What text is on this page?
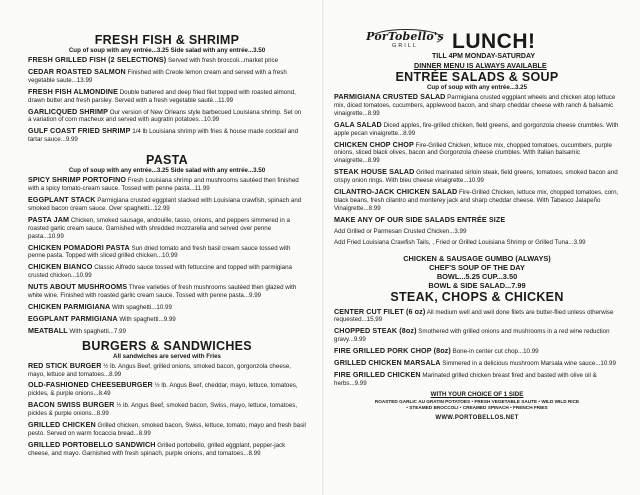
FRESH FISH & SHRIMP

Cup of soup with any entrée...3.25 Side salad with any entrée...3.50

FRESH GRILLED FISH (2 SELECTIONS) Served with fresh broccoli...market price

CEDAR ROASTED SALMON Finished with Creole lemon cream and served with a fresh vegetable saute...13.99

FRESH FISH ALMONDINE Double battered and deep fried filet topped with roasted almond, drawn butter and fresh parsley. Served with a fresh vegetable sauté...11.99

GARLICQUED SHRIMP Our version of New Orleans style barbecued Louisiana shrimp. Set on a variation of corn macheux and served with augratin potatoes...10.99

GULF COAST FRIED SHRIMP 1/4 lb Louisiana shrimp with fries & house made cocktail and tartar sauce...9.99

PASTA

Cup of soup with any entrée...3.25 Side salad with any entrée...3.50

SPICY SHRIMP PORTOFINO Fresh Louisiana shrimp and mushrooms sautéed then finished with a spicy tomato-cream sauce. Tossed with penne pasta...11.99

EGGPLANT STACK Parmigiana crusted eggplant stacked with Louisiana crawfish, spinach and smoked bacon cream sauce. Over spaghetti...12.99

PASTA JAM Chicken, smoked sausage, andouille, tasso, onions, and peppers simmered in a roasted garlic cream sauce. Garnished with shredded mozzarella and served over penne pasta...10.99

CHICKEN POMADORI PASTA Sun dried tomato and fresh basil cream sauce tossed with penne pasta. Topped with sliced grilled chicken...10.99

CHICKEN BIANCO Classic Alfredo sauce tossed with fettuccine and topped with parmigiana crusted chicken...10.99

NUTS ABOUT MUSHROOMS Three varieties of fresh mushrooms sautéed then glazed with white wine. Finished with roasted garlic cream sauce. Tossed with penne pasta...9.99

CHICKEN PARMIGIANA With spaghetti...10.99

EGGPLANT PARMIGIANA With spaghetti...9.99

MEATBALL With spaghetti...7.99

BURGERS & SANDWICHES

All sandwiches are served with Fries

RED STICK BURGER ½ lb. Angus Beef, grilled onions, smoked bacon, gorgonzola cheese, mayo, lettuce and tomatoes...8.99

OLD-FASHIONED CHEESEBURGER ½ lb. Angus Beef, cheddar, mayo, lettuce, tomatoes, pickles, & purple onions...8.49

BACON SWISS BURGER ½ lb. Angus Beef, smoked bacon, Swiss, mayo, lettuce, tomatoes, pickles & purple onions...8.99

GRILLED CHICKEN Grilled chicken, smoked bacon, Swiss, lettuce, tomato, mayo and fresh basil pesto. Served on warm focaccia bread...8.99

GRILLED PORTOBELLO SANDWICH Grilled portobello, grilled eggplant, pepper-jack cheese, and mayo. Garnished with fresh spinach, purple onions, and tomatoes...8.99

PorTobello's
GRILL	LUNCH!
TILL 4PM MONDAY-SATURDAY
DINNER MENU IS ALWAYS AVAILABLE

ENTRÉE SALADS & SOUP

Cup of soup with any entrée...3.25

PARMIGIANA CRUSTED SALAD Parmigiana crusted eggplant wheels and chicken atop lettuce mix, diced tomatoes, cucumbers, applewood bacon, and sharp cheddar cheese with ranch & balsamic vinaigrette...8.99

GALA SALAD Diced apples, fire-grilled chicken, field greens, and gorgonzola cheese crumbles. With apple pecan vinaigrette...8.99

CHICKEN CHOP CHOP Fire-Grilled Chicken, lettuce mix, chopped tomatoes, cucumbers, purple onions, sliced black olives, bacon and Gorgonzola cheese crumbles. With Italian balsamic vinaigrette...8.99

STEAK HOUSE SALAD Grilled marinated sirloin steak, field greens, tomatoes, smoked bacon and crispy onion rings. With bleu cheese vinaigrette...10.99

CILANTRO-JACK CHICKEN SALAD Fire-Grilled Chicken, lettuce mix, chopped tomatoes, corn, black beans, fresh cilantro and monterey jack and sharp cheddar cheese. With Tabasco Jalapeño Vinaigrette...8.99

MAKE ANY OF OUR SIDE SALADS ENTRÉE SIZE

Add Grilled or Parmesan Crusted Chicken...3.99

Add Fried Louisiana Crawfish Tails, , Fried or Grilled Louisiana Shrimp or Grilled Tuna...3.99

CHICKEN & SAUSAGE GUMBO (ALWAYS)

CHEF'S SOUP OF THE DAY

BOWL...5.25 CUP...3.50

BOWL & SIDE SALAD...7.99

STEAK, CHOPS & CHICKEN

CENTER CUT FILET (6 oz) All medium well and well done filets are butter-flied unless otherwise requested...15.99

CHOPPED STEAK (8oz) Smothered with grilled onions and mushrooms in a red wine reduction gravy...9.99

FIRE GRILLED PORK CHOP (8oz) Bone-in center cut chop...10.99

GRILLED CHICKEN MARSALA Simmered in a delicious mushroom Marsala wine sauce...10.99

FIRE GRILLED CHICKEN Marinated grilled chicken breast fired and basted with olive oil & herbs...9.99

WITH YOUR CHOICE OF 1 SIDE

ROASTED GARLIC AU GRATIN POTATOES • FRESH VEGETABLE SAUTE • WILD WILD RICE

• STEAMED BROCCOLI • CREAMED SPINACH • FRENCH FRIES

WWW.PORTOBELLOS.NET
